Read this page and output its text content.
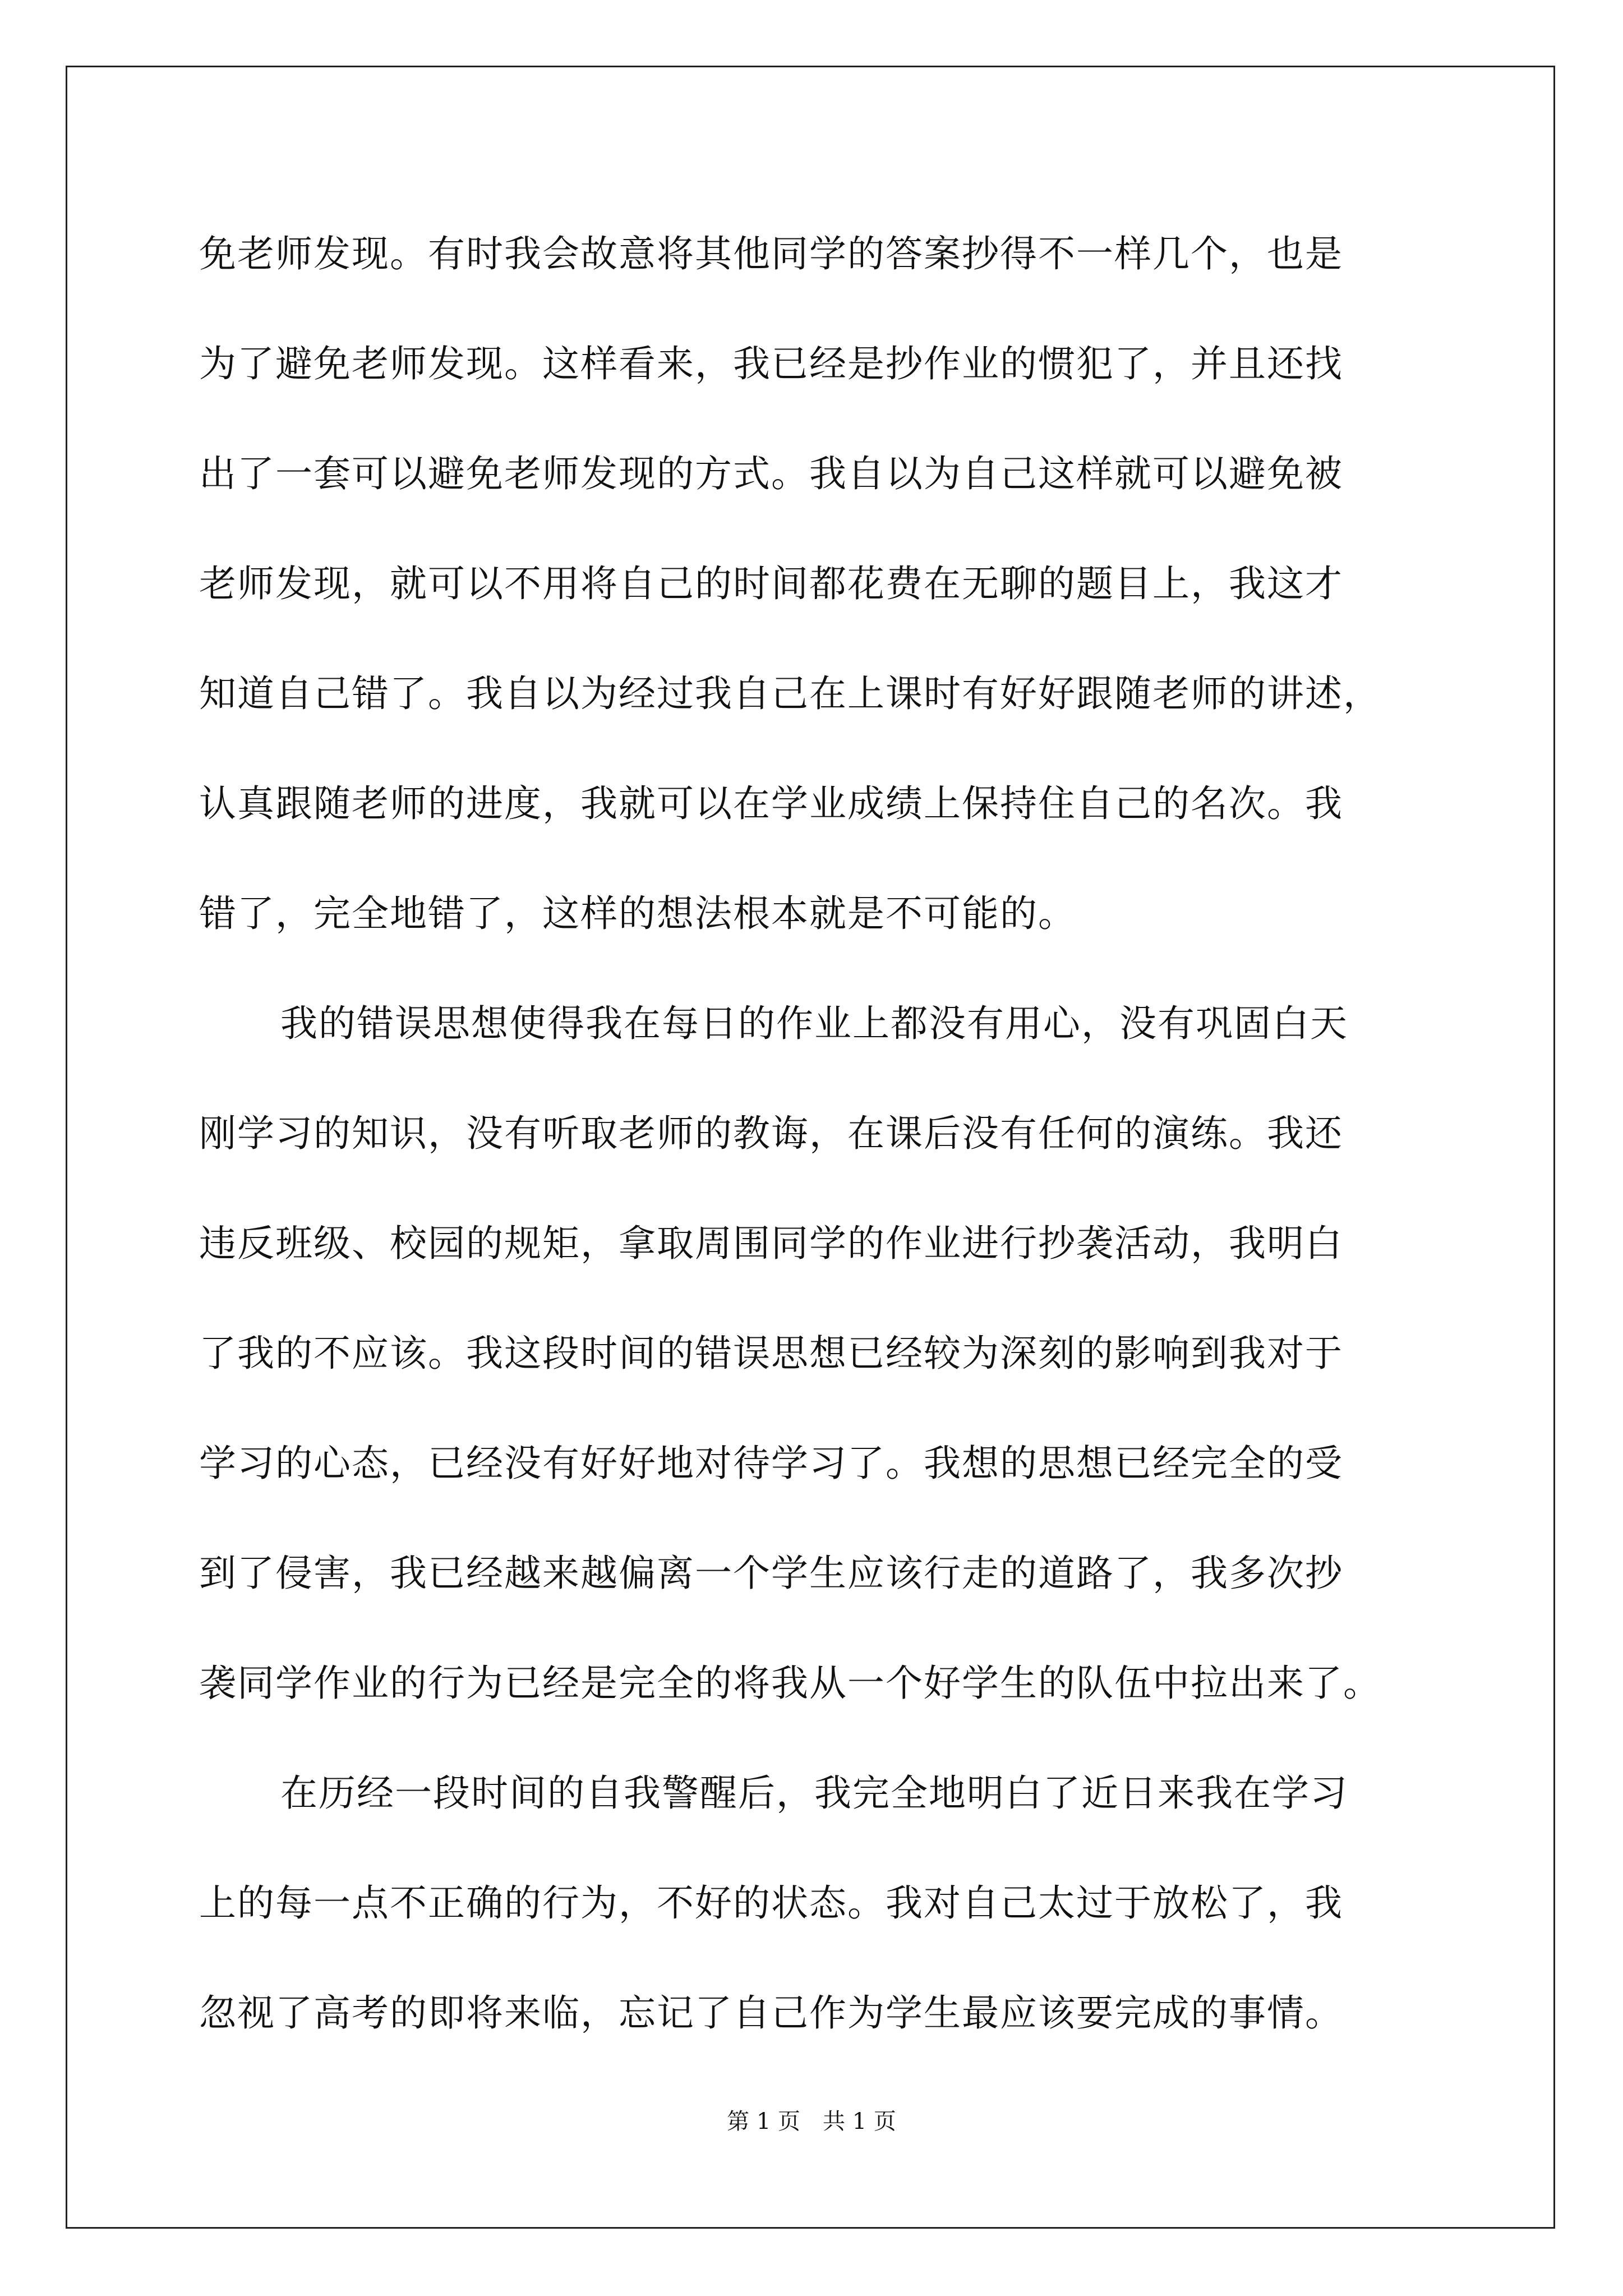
免老师发现。有时我会故意将其他同学的答案抄得不一样几个，也是
为了避免老师发现。这样看来，我已经是抄作业的惯犯了，并且还找
出了一套可以避免老师发现的方式。我自以为自己这样就可以避免被
老师发现，就可以不用将自己的时间都花费在无聊的题目上，我这才
知道自己错了。我自以为经过我自己在上课时有好好跟随老师的讲述，
认真跟随老师的进度，我就可以在学业成绩上保持住自己的名次。我
错了，完全地错了，这样的想法根本就是不可能的。
我的错误思想使得我在每日的作业上都没有用心，没有巩固白天
刚学习的知识，没有听取老师的教诲，在课后没有任何的演练。我还
违反班级、校园的规矩，拿取周围同学的作业进行抄袭活动，我明白
了我的不应该。我这段时间的错误思想已经较为深刻的影响到我对于
学习的心态，已经没有好好地对待学习了。我想的思想已经完全的受
到了侵害，我已经越来越偏离一个学生应该行走的道路了，我多次抄
袭同学作业的行为已经是完全的将我从一个好学生的队伍中拉出来了。
在历经一段时间的自我警醒后，我完全地明白了近日来我在学习
上的每一点不正确的行为，不好的状态。我对自己太过于放松了，我
忽视了高考的即将来临，忘记了自己作为学生最应该要完成的事情。
第 1 页　共 1 页
